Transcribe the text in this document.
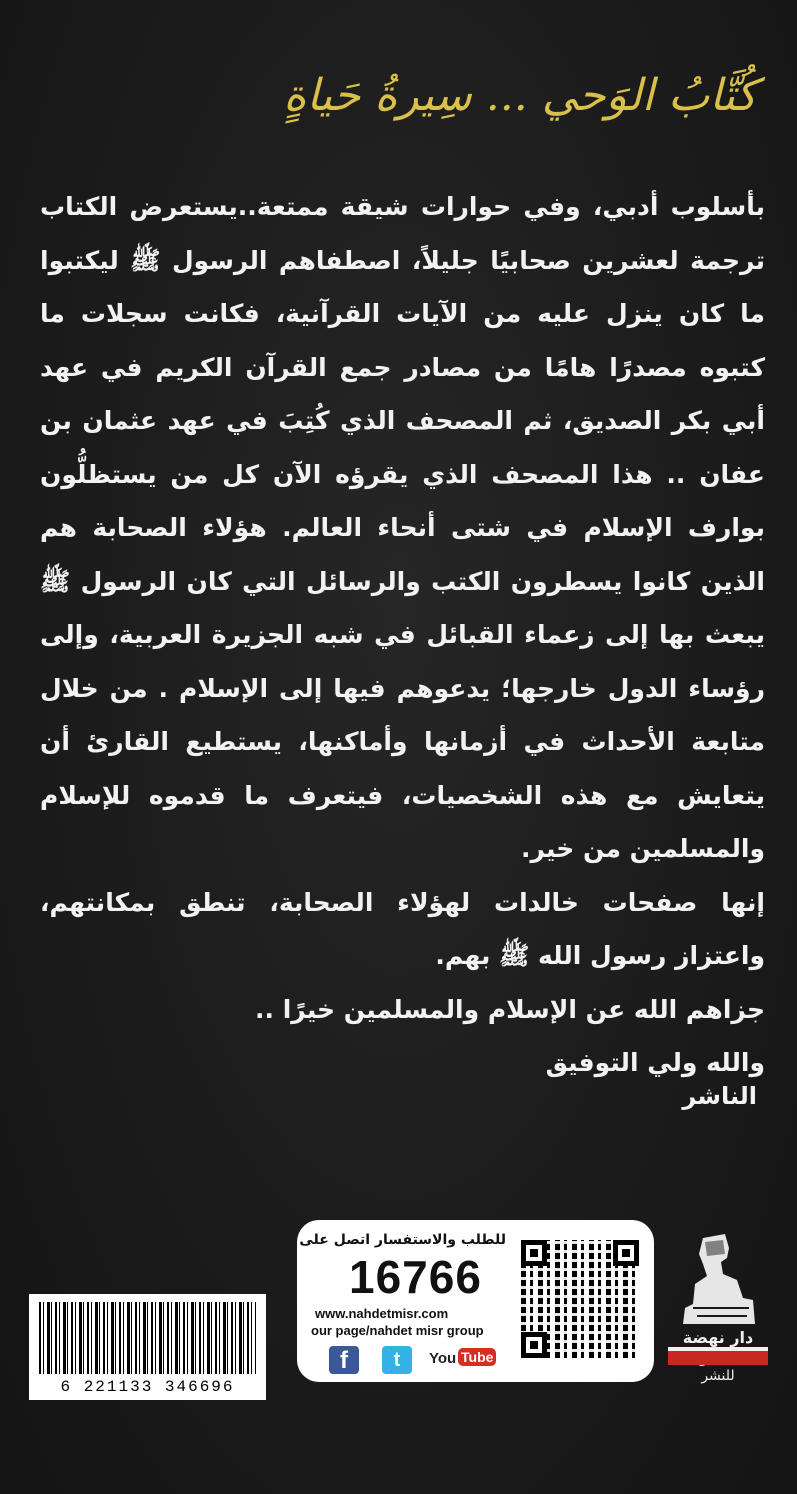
كُتَّابُ الوَحي ... سِيرةُ حَياةٍ

بأسلوب أدبي، وفي حوارات شيقة ممتعة..يستعرض الكتاب ترجمة لعشرين صحابيًا جليلاً، اصطفاهم الرسول ﷺ ليكتبوا ما كان ينزل عليه من الآيات القرآنية، فكانت سجلات ما كتبوه مصدرًا هامًا من مصادر جمع القرآن الكريم في عهد أبي بكر الصديق، ثم المصحف الذي كُتِبَ في عهد عثمان بن عفان .. هذا المصحف الذي يقرؤه الآن كل من يستظلُّون بوارف الإسلام في شتى أنحاء العالم. هؤلاء الصحابة هم الذين كانوا يسطرون الكتب والرسائل التي كان الرسول ﷺ يبعث بها إلى زعماء القبائل في شبه الجزيرة العربية، وإلى رؤساء الدول خارجها؛ يدعوهم فيها إلى الإسلام . من خلال متابعة الأحداث في أزمانها وأماكنها، يستطيع القارئ أن يتعايش مع هذه الشخصيات، فيتعرف ما قدموه للإسلام والمسلمين من خير.

إنها صفحات خالدات لهؤلاء الصحابة، تنطق بمكانتهم، واعتزاز رسول الله ﷺ بهم.

جزاهم الله عن الإسلام والمسلمين خيرًا ..

والله ولي التوفيق

الناشر
6 221133 346696
للطلب والاستفسار اتصل على
16766
www.nahdetmisr.com
our page/nahdet misr group
f	t	You Tube
دار نهضة
للنشر
